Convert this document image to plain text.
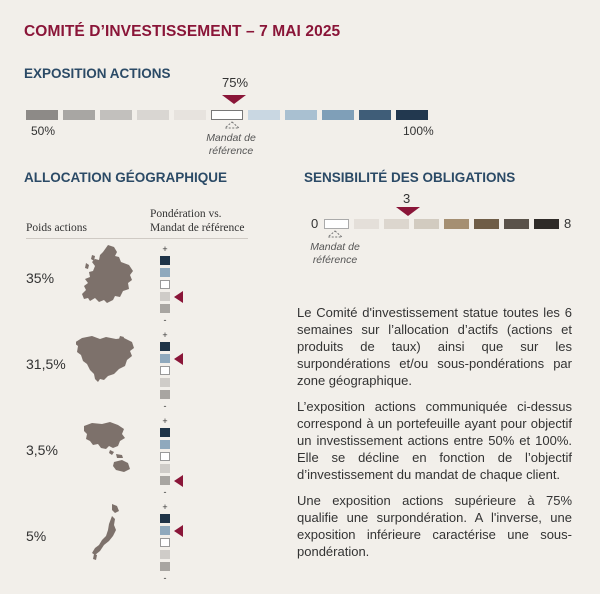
COMITÉ D’INVESTISSEMENT – 7 MAI 2025
EXPOSITION ACTIONS
75%
50%	100%
Mandat de
référence
ALLOCATION GÉOGRAPHIQUE
Poids actions
Pondération vs.
Mandat de référence
35%
+
-
31,5%
+
-
3,5%
+
-
5%
+
-
SENSIBILITÉ DES OBLIGATIONS
3
0	8
Mandat de
référence

Le Comité d'investissement statue toutes les 6 semaines sur l’allocation d’actifs (actions et produits de taux) ainsi que sur les surpondérations et/ou sous-pondérations par zone géographique.

L’exposition actions communiquée ci-dessus correspond à un portefeuille ayant pour objectif un investissement actions entre 50% et 100%. Elle se décline en fonction de l’objectif d’investissement du mandat de chaque client.

Une exposition actions supérieure à 75% qualifie une surpondération. A l'inverse, une exposition inférieure caractérise une sous-pondération.
